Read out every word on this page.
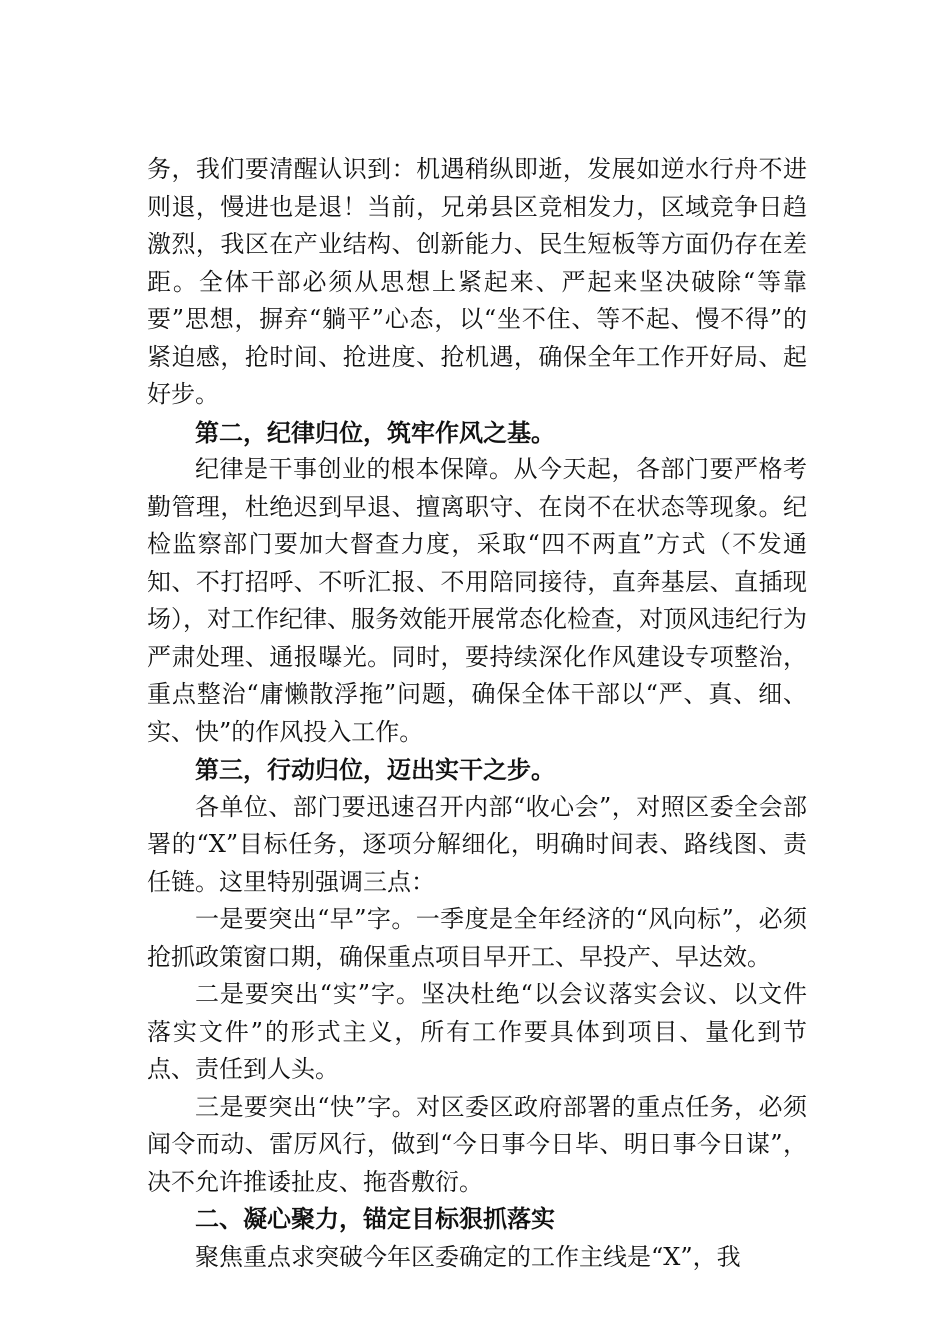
务，我们要清醒认识到：机遇稍纵即逝，发展如逆水行舟不进则退，慢进也是退！当前，兄弟县区竞相发力，区域竞争日趋激烈，我区在产业结构、创新能力、民生短板等方面仍存在差距。全体干部必须从思想上紧起来、严起来坚决破除“等靠要”思想，摒弃“躺平”心态，以“坐不住、等不起、慢不得”的紧迫感，抢时间、抢进度、抢机遇，确保全年工作开好局、起好步。

第二，纪律归位，筑牢作风之基。

纪律是干事创业的根本保障。从今天起，各部门要严格考勤管理，杜绝迟到早退、擅离职守、在岗不在状态等现象。纪检监察部门要加大督查力度，采取“四不两直”方式（不发通知、不打招呼、不听汇报、不用陪同接待，直奔基层、直插现场），对工作纪律、服务效能开展常态化检查，对顶风违纪行为严肃处理、通报曝光。同时，要持续深化作风建设专项整治，重点整治“庸懒散浮拖”问题，确保全体干部以“严、真、细、实、快”的作风投入工作。

第三，行动归位，迈出实干之步。

各单位、部门要迅速召开内部“收心会”，对照区委全会部署的“X”目标任务，逐项分解细化，明确时间表、路线图、责任链。这里特别强调三点：

一是要突出“早”字。一季度是全年经济的“风向标”，必须抢抓政策窗口期，确保重点项目早开工、早投产、早达效。

二是要突出“实”字。坚决杜绝“以会议落实会议、以文件落实文件”的形式主义，所有工作要具体到项目、量化到节点、责任到人头。

三是要突出“快”字。对区委区政府部署的重点任务，必须闻令而动、雷厉风行，做到“今日事今日毕、明日事今日谋”，决不允许推诿扯皮、拖沓敷衍。

二、凝心聚力，锚定目标狠抓落实

聚焦重点求突破今年区委确定的工作主线是“X”，我
